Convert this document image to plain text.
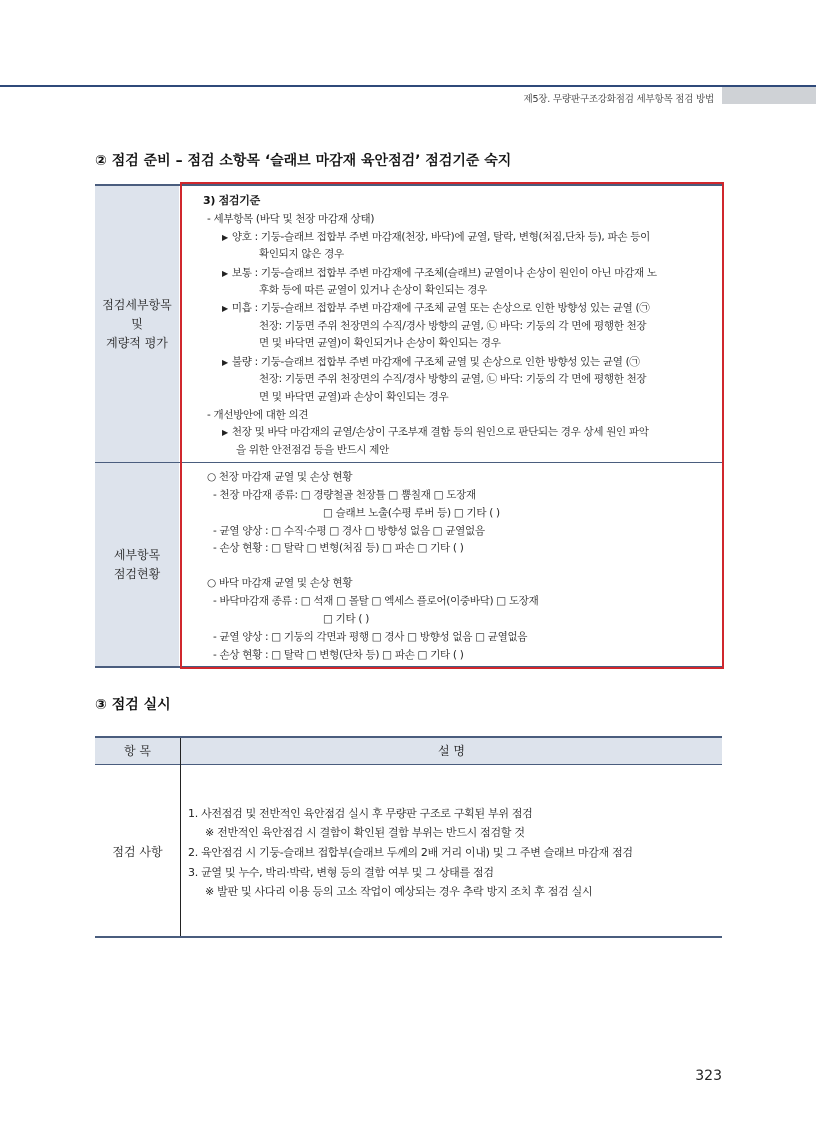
제5장. 무량판구조강화점검 세부항목 점검 방법
② 점검 준비 – 점검 소항목 ‘슬래브 마감재 육안점검’ 점검기준 숙지
점검세부항목
및
계량적 평가
세부항목
점검현황
3) 점검기준
- 세부항목 (바닥 및 천장 마감재 상태)
▶ 양호 : 기둥-슬래브 접합부 주변 마감재(천장, 바닥)에 균열, 탈락, 변형(처짐,단차 등), 파손 등이
확인되지 않은 경우
▶ 보통 : 기둥-슬래브 접합부 주변 마감재에 구조체(슬래브) 균열이나 손상이 원인이 아닌 마감재 노
후화 등에 따른 균열이 있거나 손상이 확인되는 경우
▶ 미흡 : 기둥-슬래브 접합부 주변 마감재에 구조체 균열 또는 손상으로 인한 방향성 있는 균열 (㉠
천장: 기둥면 주위 천장면의 수직/경사 방향의 균열, ㉡ 바닥: 기둥의 각 면에 평행한 천장
면 및 바닥면 균열)이 확인되거나 손상이 확인되는 경우
▶ 불량 : 기둥-슬래브 접합부 주변 마감재에 구조체 균열 및 손상으로 인한 방향성 있는 균열 (㉠
천장: 기둥면 주위 천장면의 수직/경사 방향의 균열, ㉡ 바닥: 기둥의 각 면에 평행한 천장
면 및 바닥면 균열)과 손상이 확인되는 경우
- 개선방안에 대한 의견
▶ 천장 및 바닥 마감재의 균열/손상이 구조부재 결함 등의 원인으로 판단되는 경우 상세 원인 파악
을 위한 안전점검 등을 반드시 제안
○ 천장 마감재 균열 및 손상 현황
- 천장 마감재 종류: □ 경량철골 천장틀 □ 뿜칠재 □ 도장재
□ 슬래브 노출(수평 루버 등) □ 기타 ( )
- 균열 양상 : □ 수직·수평 □ 경사 □ 방향성 없음 □ 균열없음
- 손상 현황 : □ 탈락 □ 변형(처짐 등) □ 파손 □ 기타 ( )
○ 바닥 마감재 균열 및 손상 현황
- 바닥마감재 종류 : □ 석재 □ 몰탈 □ 엑세스 플로어(이중바닥) □ 도장재
□ 기타 ( )
- 균열 양상 : □ 기둥의 각면과 평행 □ 경사 □ 방향성 없음 □ 균열없음
- 손상 현황 : □ 탈락 □ 변형(단차 등) □ 파손 □ 기타 ( )
③ 점검 실시
항 목	설 명
점검 사항
1. 사전점검 및 전반적인 육안점검 실시 후 무량판 구조로 구획된 부위 점검
※ 전반적인 육안점검 시 결함이 확인된 결함 부위는 반드시 점검할 것
2. 육안점검 시 기둥-슬래브 접합부(슬래브 두께의 2배 거리 이내) 및 그 주변 슬래브 마감재 점검
3. 균열 및 누수, 박리·박락, 변형 등의 결함 여부 및 그 상태를 점검
※ 발판 및 사다리 이용 등의 고소 작업이 예상되는 경우 추락 방지 조치 후 점검 실시
323
